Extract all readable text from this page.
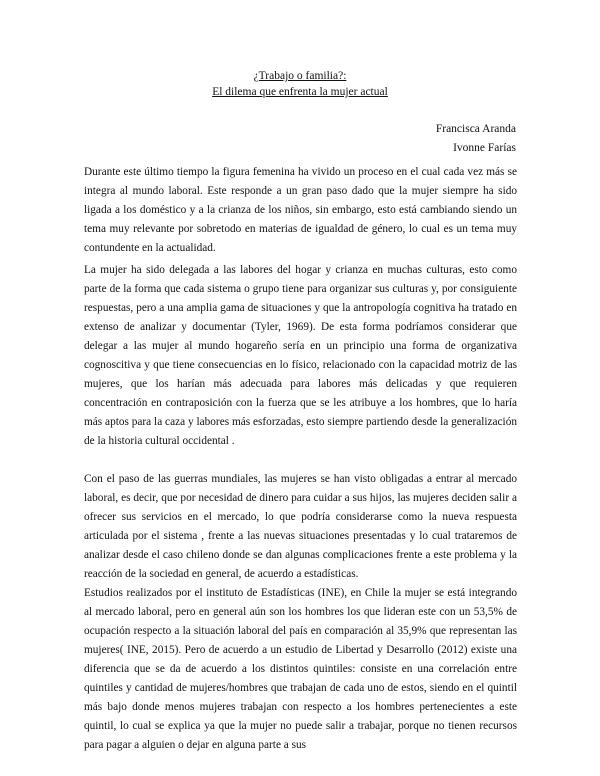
¿Trabajo o familia?:
El dilema que enfrenta la mujer actual
Francisca Aranda
Ivonne Farías

Durante este último tiempo la figura femenina ha vivido un proceso en el cual cada vez más se integra al mundo laboral. Este responde a un gran paso dado que la mujer siempre ha sido ligada a los doméstico y a la crianza de los niños, sin embargo, esto está cambiando siendo un tema muy relevante por sobretodo en materias de igualdad de género, lo cual es un tema muy contundente en la actualidad.

La mujer ha sido delegada a las labores del hogar y crianza en muchas culturas, esto como parte de la forma que cada sistema o grupo tiene para organizar sus culturas y, por consiguiente respuestas, pero a una amplia gama de situaciones y que la antropología cognitiva ha tratado en extenso de analizar y documentar (Tyler, 1969). De esta forma podríamos considerar que delegar a las mujer al mundo hogareño sería en un principio una forma de organizativa cognoscitiva y que tiene consecuencias en lo físico, relacionado con la capacidad motriz de las mujeres, que los harían más adecuada para labores más delicadas y que requieren concentración en contraposición con la fuerza que se les atribuye a los hombres, que lo haría más aptos para la caza y labores más esforzadas, esto siempre partiendo desde la generalización de la historia cultural occidental .

Con el paso de las guerras mundiales, las mujeres se han visto obligadas a entrar al mercado laboral, es decir, que por necesidad de dinero para cuidar a sus hijos, las mujeres deciden salir a ofrecer sus servicios en el mercado, lo que podría considerarse como la nueva respuesta articulada por el sistema , frente a las nuevas situaciones presentadas y lo cual trataremos de analizar desde el caso chileno donde se dan algunas complicaciones frente a este problema y la reacción de la sociedad en general, de acuerdo a estadísticas.

Estudios realizados por el instituto de Estadísticas (INE), en Chile la mujer se está integrando al mercado laboral, pero en general aún son los hombres los que lideran este con un 53,5% de ocupación respecto a la situación laboral del país en comparación al 35,9% que representan las mujeres( INE, 2015). Pero de acuerdo a un estudio de Libertad y Desarrollo (2012) existe una diferencia que se da de acuerdo a los distintos quintiles: consiste en una correlación entre quintiles y cantidad de mujeres/hombres que trabajan de cada uno de estos, siendo en el quintil más bajo donde menos mujeres trabajan con respecto a los hombres pertenecientes a este quintil, lo cual se explica ya que la mujer no puede salir a trabajar, porque no tienen recursos para pagar a alguien o dejar en alguna parte a sus
